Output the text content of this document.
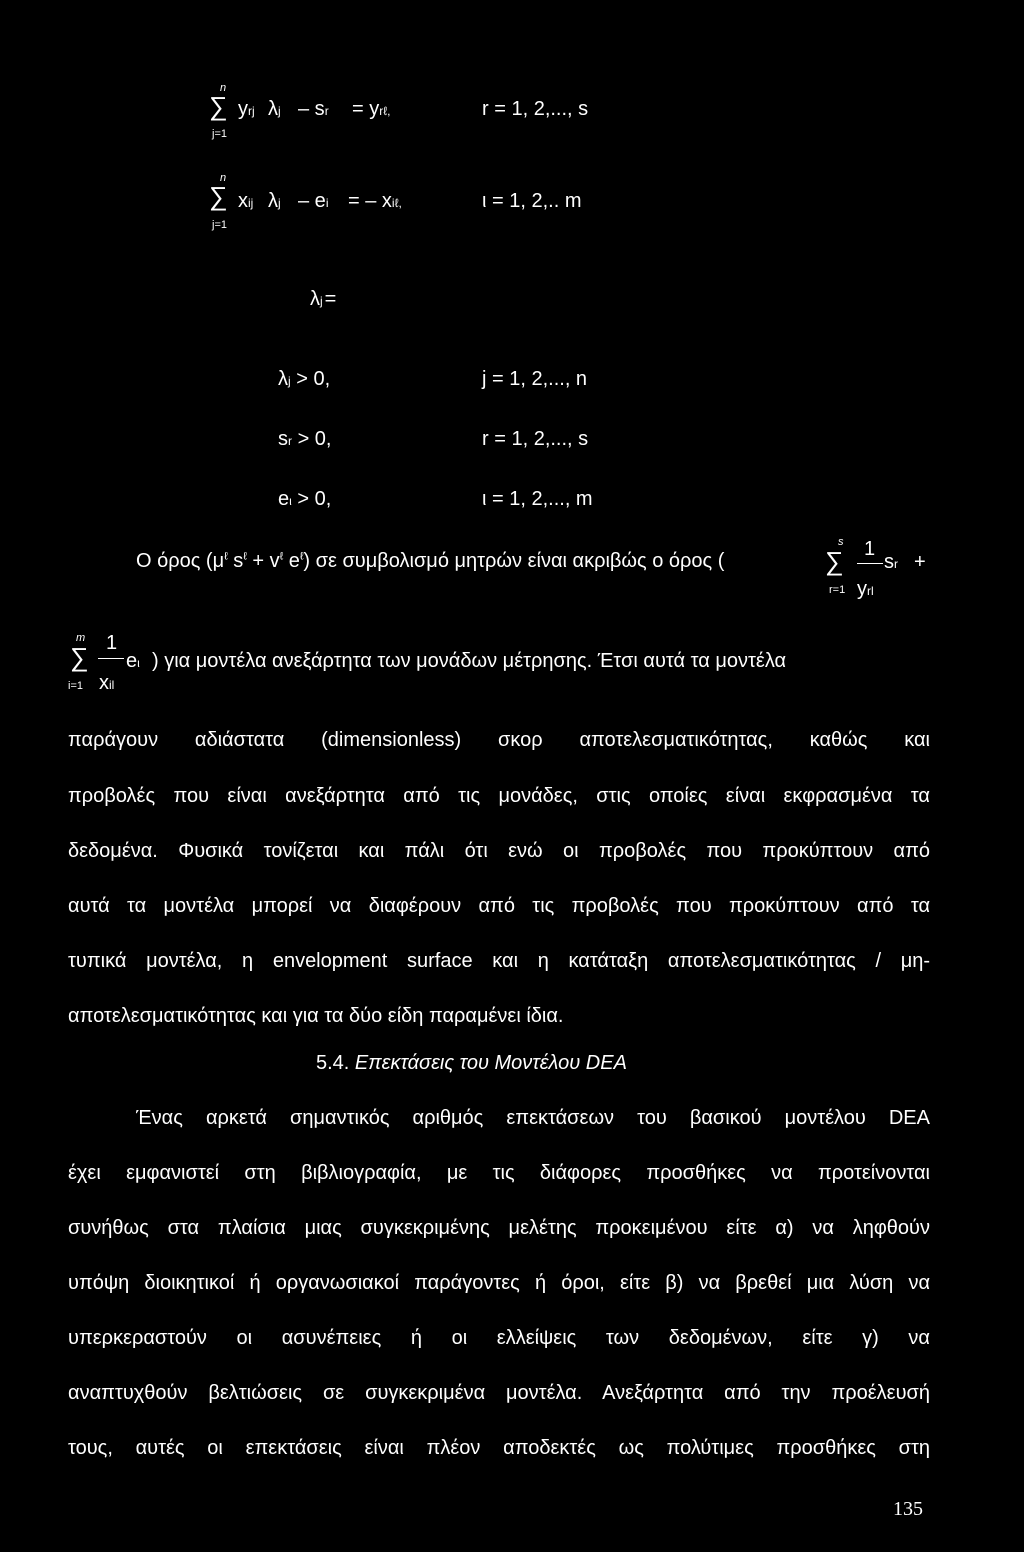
n
∑
j=1
yrj λj – sr = yrℓ,	r = 1, 2,..., s
n
∑
j=1
xij λj – ei = – xiℓ,	ι = 1, 2,.. m
λj =
λj > 0,	j = 1, 2,..., n
sr > 0,	r = 1, 2,..., s
eι > 0,	ι = 1, 2,..., m
Ο όρος ($\mu^\ell$ $s^\ell + v^\ell$ $e^\ell$) σε συμβολισμό μητρών είναι ακριβώς ο όρος (
s
∑
r=1
1
yrl
sr +
m
∑
i=1
1
xil
eι ) για μοντέλα ανεξάρτητα των μονάδων μέτρησης. Έτσι αυτά τα μοντέλα
παράγουν αδιάστατα (dimensionless) σκορ αποτελεσματικότητας, καθώς και
προβολές που είναι ανεξάρτητα από τις μονάδες, στις οποίες είναι εκφρασμένα τα
δεδομένα. Φυσικά τονίζεται και πάλι ότι ενώ οι προβολές που προκύπτουν από
αυτά τα μοντέλα μπορεί να διαφέρουν από τις προβολές που προκύπτουν από τα
τυπικά μοντέλα, η envelopment surface και η κατάταξη αποτελεσματικότητας / μη-
αποτελεσματικότητας και για τα δύο είδη παραμένει ίδια.
5.4. Επεκτάσεις του Μοντέλου DEA
Ένας αρκετά σημαντικός αριθμός επεκτάσεων του βασικού μοντέλου DEA
έχει εμφανιστεί στη βιβλιογραφία, με τις διάφορες προσθήκες να προτείνονται
συνήθως στα πλαίσια μιας συγκεκριμένης μελέτης προκειμένου είτε α) να ληφθούν
υπόψη διοικητικοί ή οργανωσιακοί παράγοντες ή όροι, είτε β) να βρεθεί μια λύση να
υπερκεραστούν οι ασυνέπειες ή οι ελλείψεις των δεδομένων, είτε γ) να
αναπτυχθούν βελτιώσεις σε συγκεκριμένα μοντέλα. Ανεξάρτητα από την προέλευσή
τους, αυτές οι επεκτάσεις είναι πλέον αποδεκτές ως πολύτιμες προσθήκες στη
135
